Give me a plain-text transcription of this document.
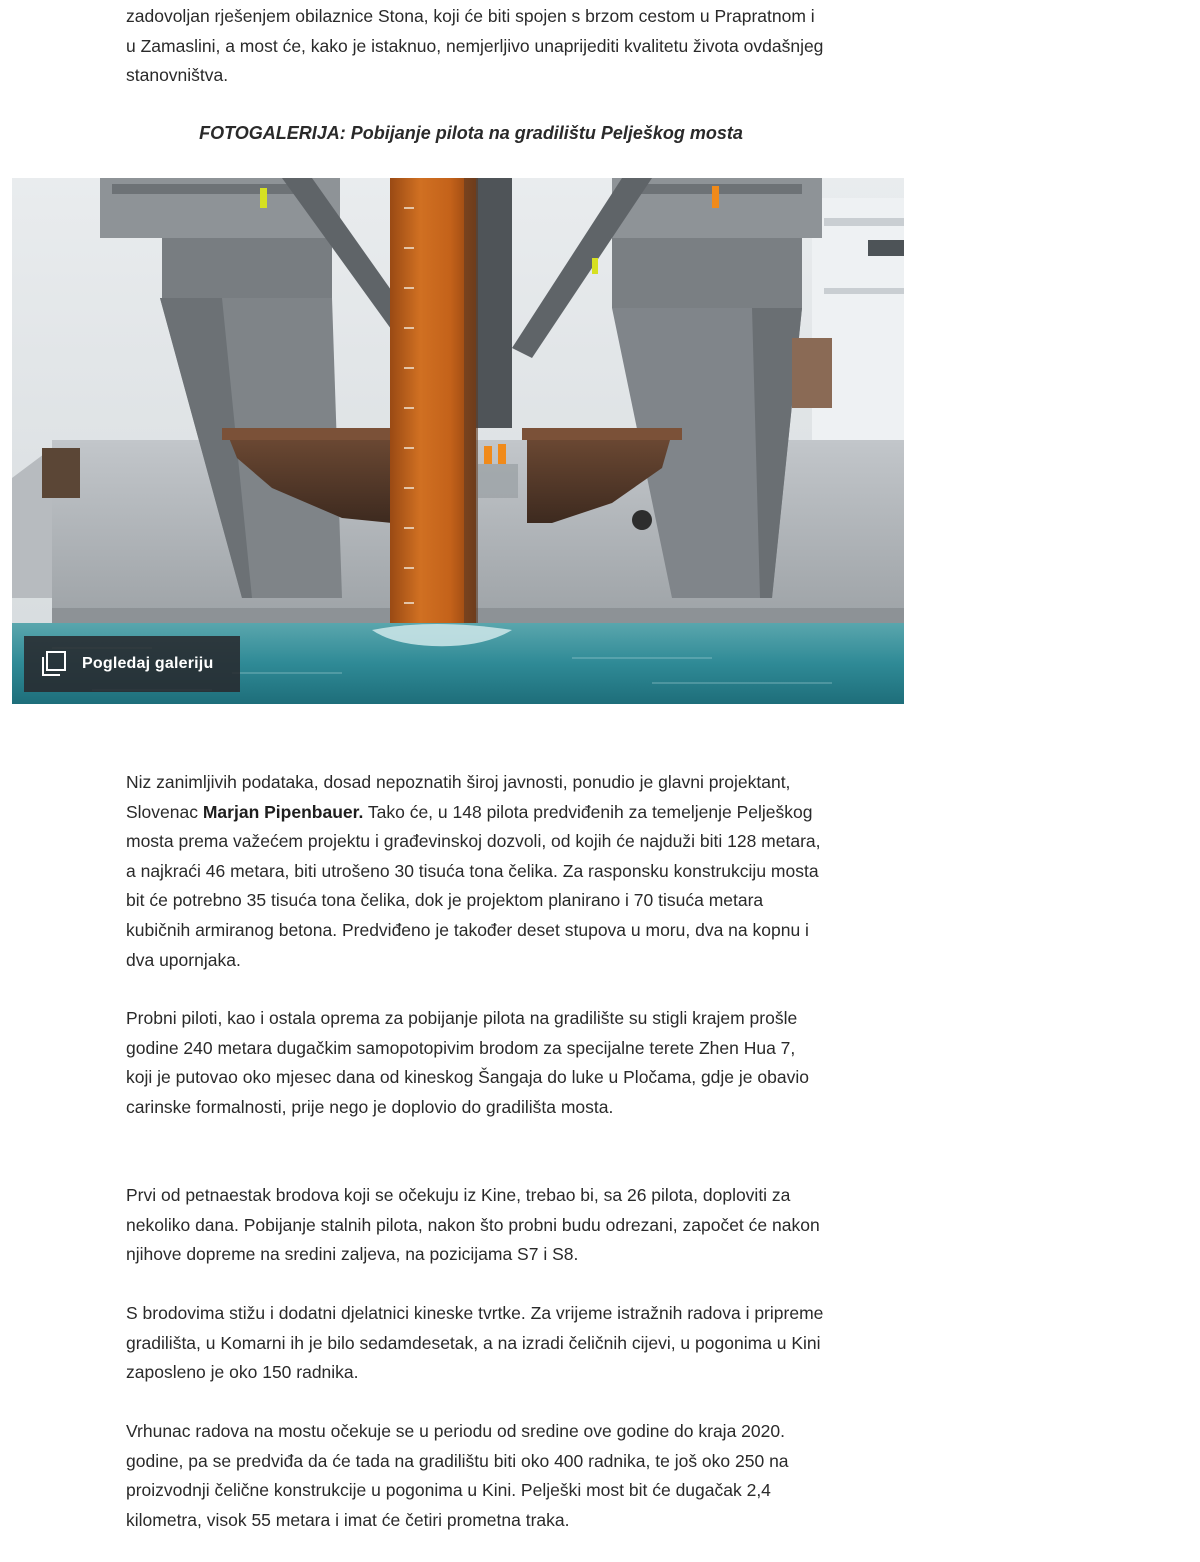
zadovoljan rješenjem obilaznice Stona, koji će biti spojen s brzom cestom u Prapratnom i u Zamaslini, a most će, kako je istaknuo, nemjerljivo unaprijediti kvalitetu života ovdašnjeg stanovništva.

FOTOGALERIJA: Pobijanje pilota na gradilištu Pelješkog mosta

Pogledaj galeriju

Niz zanimljivih podataka, dosad nepoznatih široj javnosti, ponudio je glavni projektant, Slovenac Marjan Pipenbauer. Tako će, u 148 pilota predviđenih za temeljenje Pelješkog mosta prema važećem projektu i građevinskoj dozvoli, od kojih će najduži biti 128 metara, a najkraći 46 metara, biti utrošeno 30 tisuća tona čelika. Za rasponsku konstrukciju mosta bit će potrebno 35 tisuća tona čelika, dok je projektom planirano i 70 tisuća metara kubičnih armiranog betona. Predviđeno je također deset stupova u moru, dva na kopnu i dva upornjaka.

Probni piloti, kao i ostala oprema za pobijanje pilota na gradilište su stigli krajem prošle godine 240 metara dugačkim samopotopivim brodom za specijalne terete Zhen Hua 7, koji je putovao oko mjesec dana od kineskog Šangaja do luke u Pločama, gdje je obavio carinske formalnosti, prije nego je doplovio do gradilišta mosta.

Prvi od petnaestak brodova koji se očekuju iz Kine, trebao bi, sa 26 pilota, doploviti za nekoliko dana. Pobijanje stalnih pilota, nakon što probni budu odrezani, započet će nakon njihove dopreme na sredini zaljeva, na pozicijama S7 i S8.

S brodovima stižu i dodatni djelatnici kineske tvrtke. Za vrijeme istražnih radova i pripreme gradilišta, u Komarni ih je bilo sedamdesetak, a na izradi čeličnih cijevi, u pogonima u Kini zaposleno je oko 150 radnika.

Vrhunac radova na mostu očekuje se u periodu od sredine ove godine do kraja 2020. godine, pa se predviđa da će tada na gradilištu biti oko 400 radnika, te još oko 250 na proizvodnji čelične konstrukcije u pogonima u Kini. Pelješki most bit će dugačak 2,4 kilometra, visok 55 metara i imat će četiri prometna traka.
